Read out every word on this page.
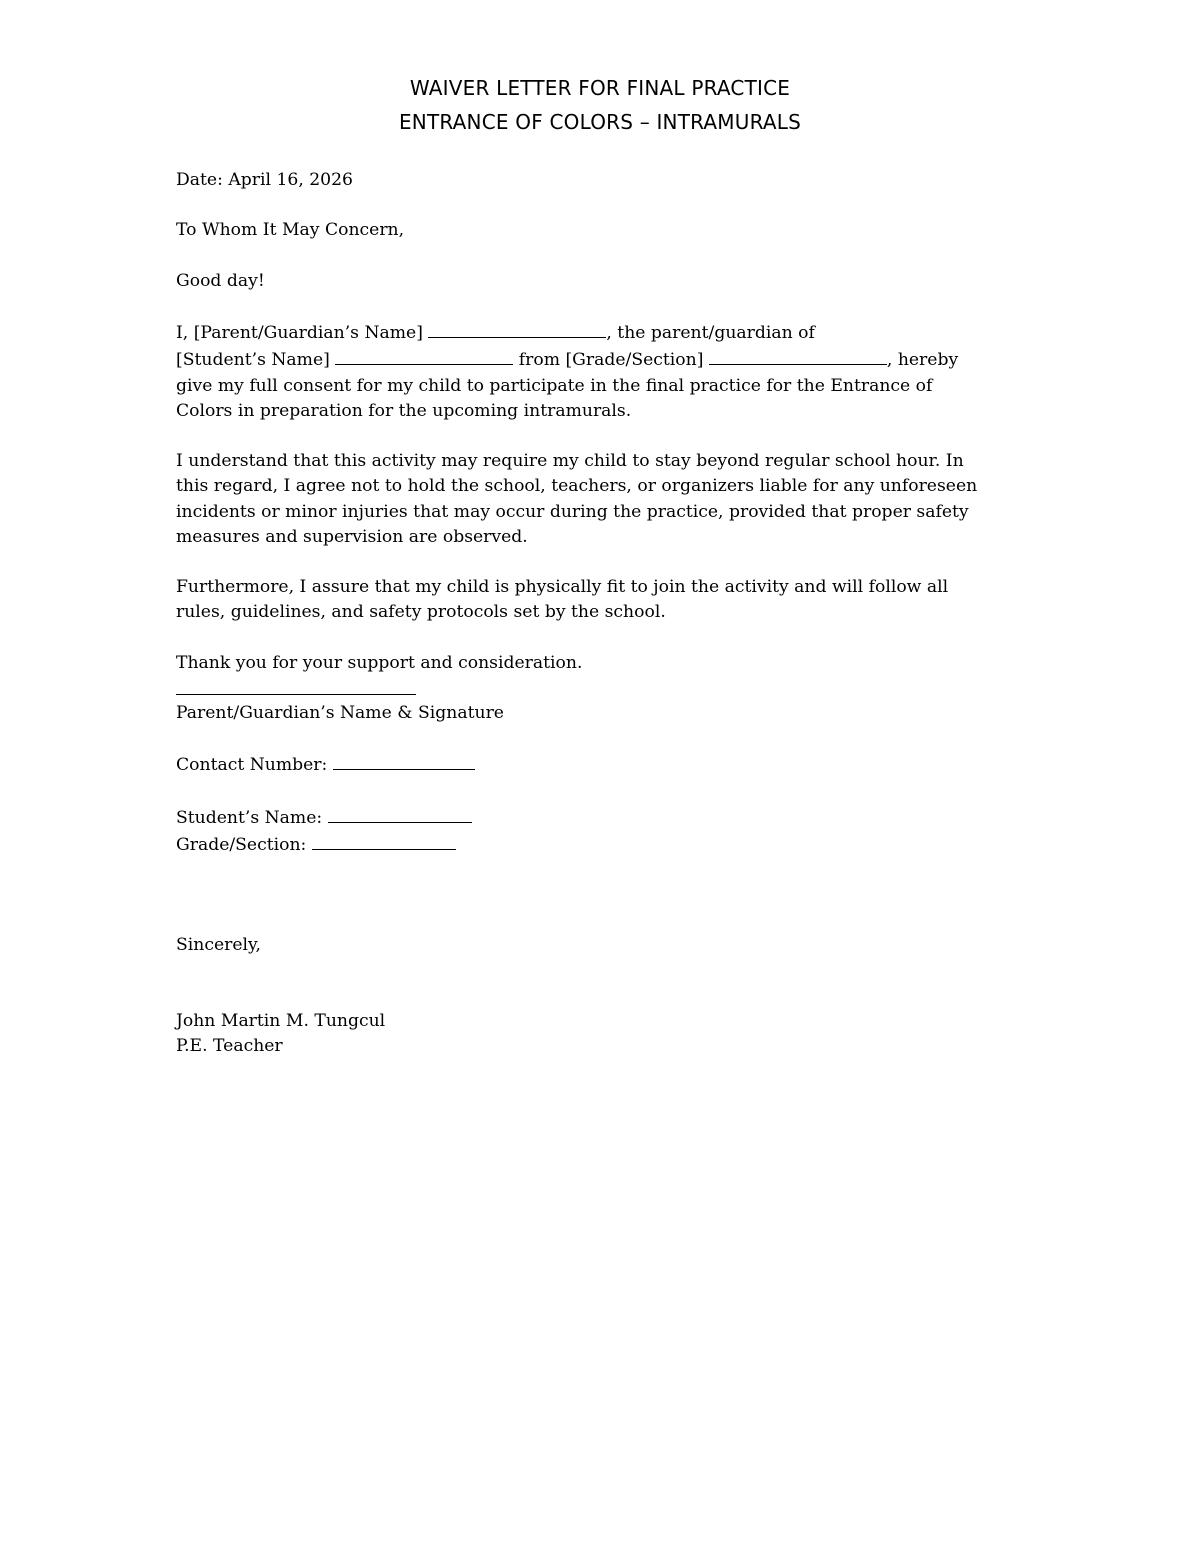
WAIVER LETTER FOR FINAL PRACTICE
ENTRANCE OF COLORS – INTRAMURALS

Date: April 16, 2026

To Whom It May Concern,

Good day!

I, [Parent/Guardian’s Name]	, the parent/guardian of
[Student’s Name]	from [Grade/Section]	, hereby
give my full consent for my child to participate in the final practice for the Entrance of
Colors in preparation for the upcoming intramurals.

I understand that this activity may require my child to stay beyond regular school hour. In
this regard, I agree not to hold the school, teachers, or organizers liable for any unforeseen
incidents or minor injuries that may occur during the practice, provided that proper safety
measures and supervision are observed.

Furthermore, I assure that my child is physically fit to join the activity and will follow all
rules, guidelines, and safety protocols set by the school.

Thank you for your support and consideration.

Parent/Guardian’s Name & Signature

Contact Number:

Student’s Name:
Grade/Section:

Sincerely,

John Martin M. Tungcul
P.E. Teacher
